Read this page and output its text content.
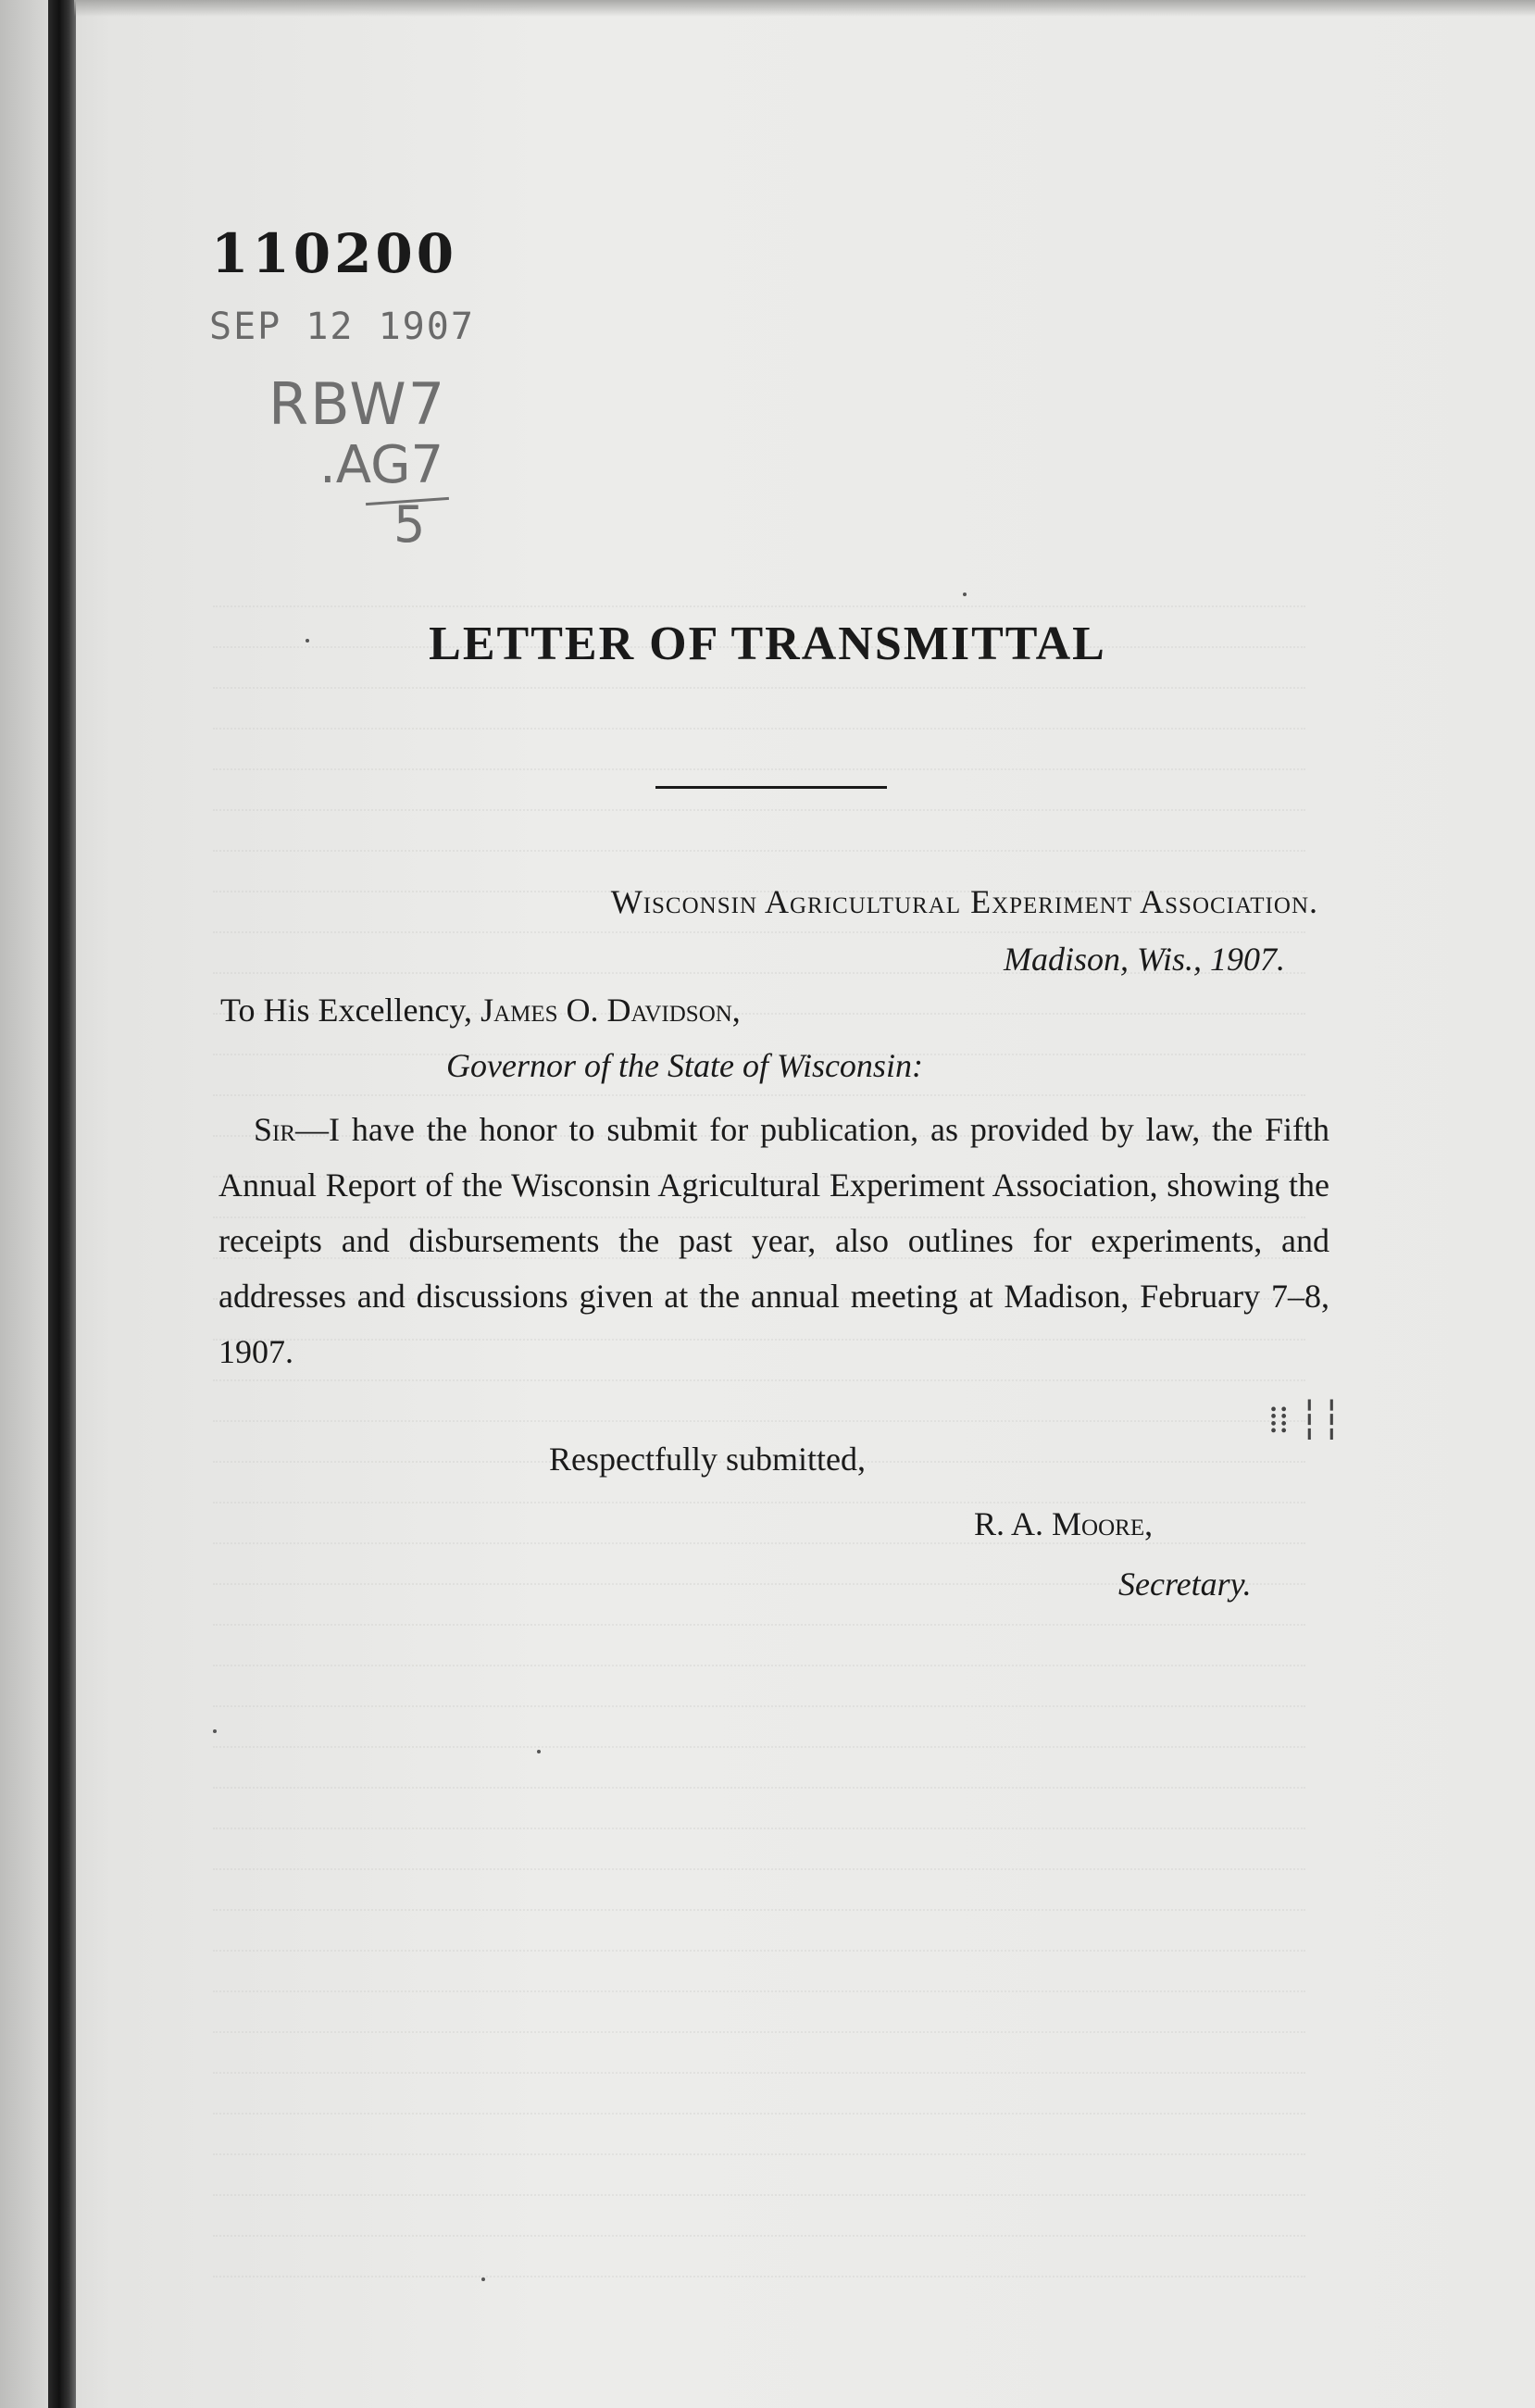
110200
SEP 12 1907
RBW7
.AG7
5
LETTER OF TRANSMITTAL
Wisconsin Agricultural Experiment Association.
Madison, Wis., 1907.
To His Excellency, James O. Davidson,
Governor of the State of Wisconsin:
Sir—I have the honor to submit for publication, as provided by law, the Fifth Annual Report of the Wisconsin Agricultural Experiment Association, showing the receipts and disbursements the past year, also outlines for experiments, and addresses and discussions given at the annual meeting at Madison, February 7–8, 1907.
Respectfully submitted,
R. A. Moore,
Secretary.
⁞⁞ ┆┆
